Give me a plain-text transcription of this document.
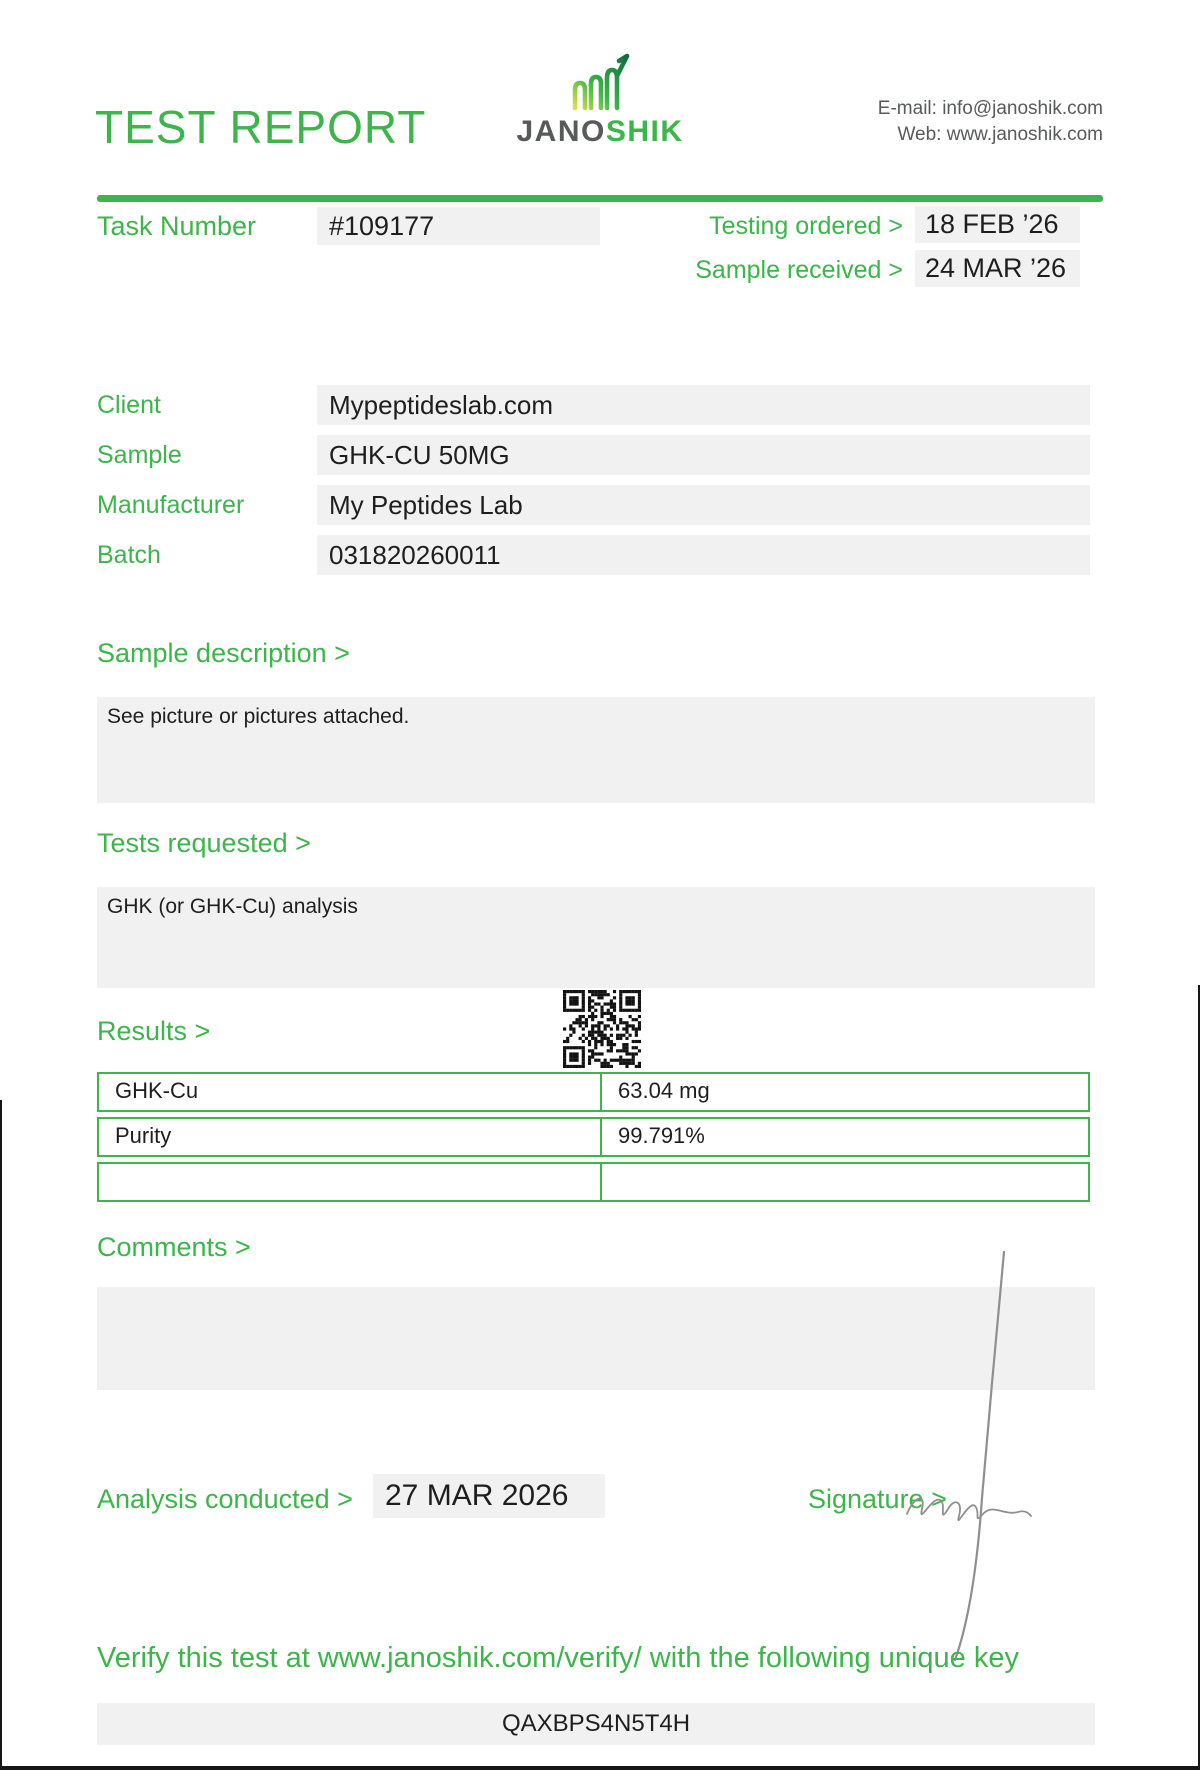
TEST REPORT	JANOSHIK
E-mail: info@janoshik.com
Web: www.janoshik.com
Task Number	#109177	Testing ordered > 18 FEB ’26
Sample received > 24 MAR ’26
Client	Mypeptideslab.com
Sample	GHK-CU 50MG
Manufacturer	My Peptides Lab
Batch	031820260011
Sample description >
See picture or pictures attached.
Tests requested >
GHK (or GHK-Cu) analysis
Results >
GHK-Cu	63.04 mg
Purity	99.791%
Comments >
Analysis conducted >	27 MAR 2026	Signature >
Verify this test at www.janoshik.com/verify/ with the following unique key
QAXBPS4N5T4H
